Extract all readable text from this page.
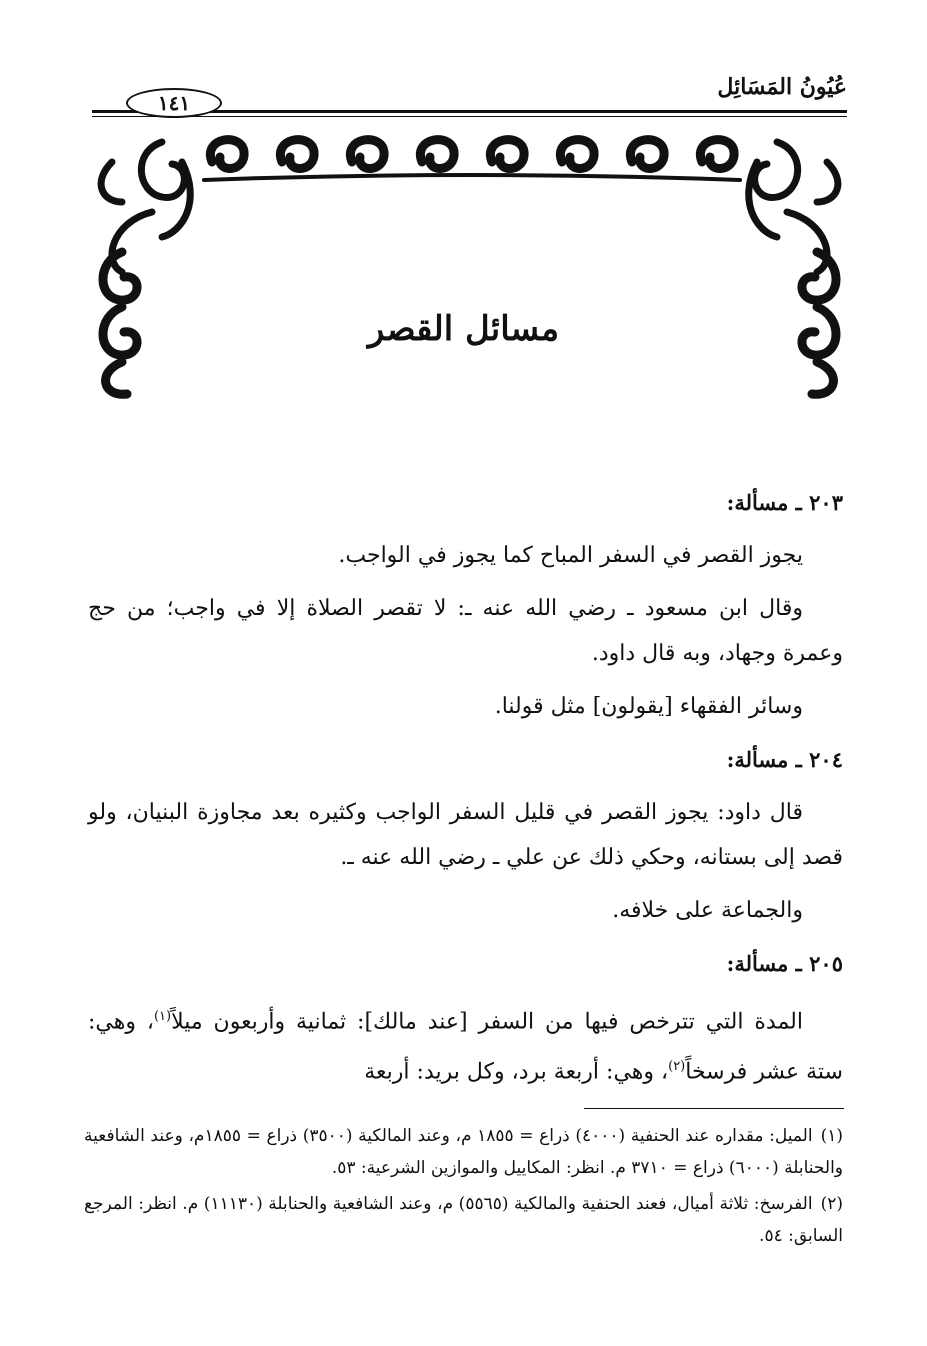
عُيُونُ المَسَائِل
١٤١
مسائل القصر

٢٠٣ ـ مسألة:

يجوز القصر في السفر المباح كما يجوز في الواجب.

وقال ابن مسعود ـ رضي الله عنه ـ: لا تقصر الصلاة إلا في واجب؛ من حج وعمرة وجهاد، وبه قال داود.

وسائر الفقهاء [يقولون] مثل قولنا.

٢٠٤ ـ مسألة:

قال داود: يجوز القصر في قليل السفر الواجب وكثيره بعد مجاوزة البنيان، ولو قصد إلى بستانه، وحكي ذلك عن علي ـ رضي الله عنه ـ.

والجماعة على خلافه.

٢٠٥ ـ مسألة:

المدة التي تترخص فيها من السفر [عند مالك]: ثمانية وأربعون ميلاً$^{(١)}$، وهي: ستة عشر فرسخاً$^{(٢)}$، وهي: أربعة برد، وكل بريد: أربعة

(١)الميل: مقداره عند الحنفية (٤٠٠٠) ذراع = ١٨٥٥ م، وعند المالكية (٣٥٠٠) ذراع = ١٨٥٥م، وعند الشافعية والحنابلة (٦٠٠٠) ذراع = ٣٧١٠ م. انظر: المكاييل والموازين الشرعية: ٥٣.

(٢)الفرسخ: ثلاثة أميال، فعند الحنفية والمالكية (٥٥٦٥) م، وعند الشافعية والحنابلة (١١١٣٠) م. انظر: المرجع السابق: ٥٤.
